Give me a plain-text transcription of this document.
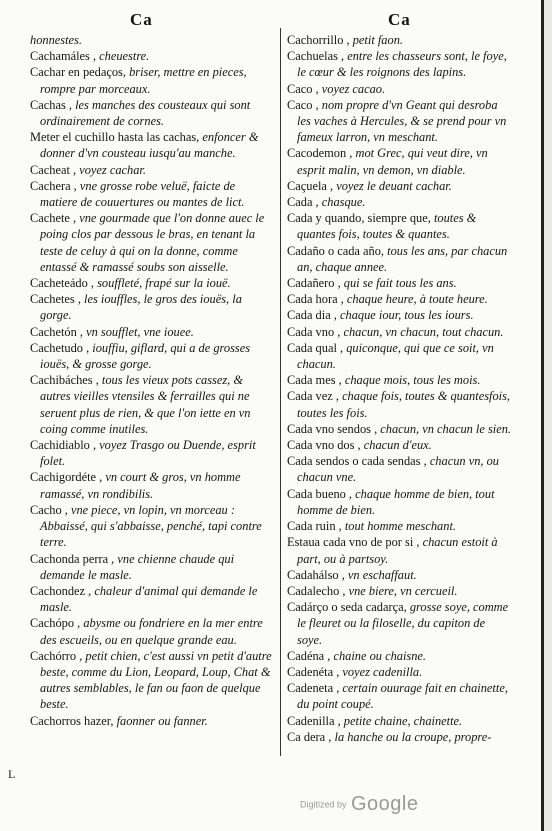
Ca	Ca

honnestes.

Cachamáles , cheuestre.

Cachar en pedaços, briser, mettre en pieces, rompre par morceaux.

Cachas , les manches des cousteaux qui sont ordinairement de cornes.

Meter el cuchillo hasta las cachas, enfoncer & donner d'vn cousteau iusqu'au manche.

Cacheat , voyez cachar.

Cachera , vne grosse robe veluë, faicte de matiere de couuertures ou mantes de lict.

Cachete , vne gourmade que l'on donne auec le poing clos par dessous le bras, en tenant la teste de celuy à qui on la donne, comme entassé & ramassé soubs son aisselle.

Cacheteádo , souffleté, frapé sur la iouë.

Cachetes , les iouffles, le gros des iouës, la gorge.

Cachetón , vn soufflet, vne iouee.

Cachetudo , iouffiu, giflard, qui a de grosses iouës, & grosse gorge.

Cachibáches , tous les vieux pots cassez, & autres vieilles vtensiles & ferrailles qui ne seruent plus de rien, & que l'on iette en vn coing comme inutiles.

Cachidiablo , voyez Trasgo ou Duende, esprit folet.

Cachigordéte , vn court & gros, vn homme ramassé, vn rondibilis.

Cacho , vne piece, vn lopin, vn morceau : Abbaissé, qui s'abbaisse, penché, tapi contre terre.

Cachonda perra , vne chienne chaude qui demande le masle.

Cachondez , chaleur d'animal qui demande le masle.

Cachópo , abysme ou fondriere en la mer entre des escueils, ou en quelque grande eau.

Cachórro , petit chien, c'est aussi vn petit d'autre beste, comme du Lion, Leopard, Loup, Chat & autres semblables, le fan ou faon de quelque beste.

Cachorros hazer, faonner ou fanner.

Cachorrillo , petit faon.

Cachuelas , entre les chasseurs sont, le foye, le cœur & les roignons des lapins.

Caco , voyez cacao.

Caco , nom propre d'vn Geant qui desroba les vaches à Hercules, & se prend pour vn fameux larron, vn meschant.

Cacodemon , mot Grec, qui veut dire, vn esprit malin, vn demon, vn diable.

Caçuela , voyez le deuant cachar.

Cada , chasque.

Cada y quando, siempre que, toutes & quantes fois, toutes & quantes.

Cadaño o cada año, tous les ans, par chacun an, chaque annee.

Cadañero , qui se fait tous les ans.

Cada hora , chaque heure, à toute heure.

Cada dia , chaque iour, tous les iours.

Cada vno , chacun, vn chacun, tout chacun.

Cada qual , quiconque, qui que ce soit, vn chacun.

Cada mes , chaque mois, tous les mois.

Cada vez , chaque fois, toutes & quantesfois, toutes les fois.

Cada vno sendos , chacun, vn chacun le sien.

Cada vno dos , chacun d'eux.

Cada sendos o cada sendas , chacun vn, ou chacun vne.

Cada bueno , chaque homme de bien, tout homme de bien.

Cada ruin , tout homme meschant.

Estaua cada vno de por si , chacun estoit à part, ou à partsoy.

Cadahálso , vn eschaffaut.

Cadalecho , vne biere, vn cercueil.

Cadárço o seda cadarça, grosse soye, comme le fleuret ou la filoselle, du capiton de soye.

Cadéna , chaine ou chaisne.

Cadenéta , voyez cadenilla.

Cadeneta , certain ouurage fait en chainette, du point coupé.

Cadenilla , petite chaine, chainette.

Ca dera , la hanche ou la croupe, propre-

L
Digitized by Google
